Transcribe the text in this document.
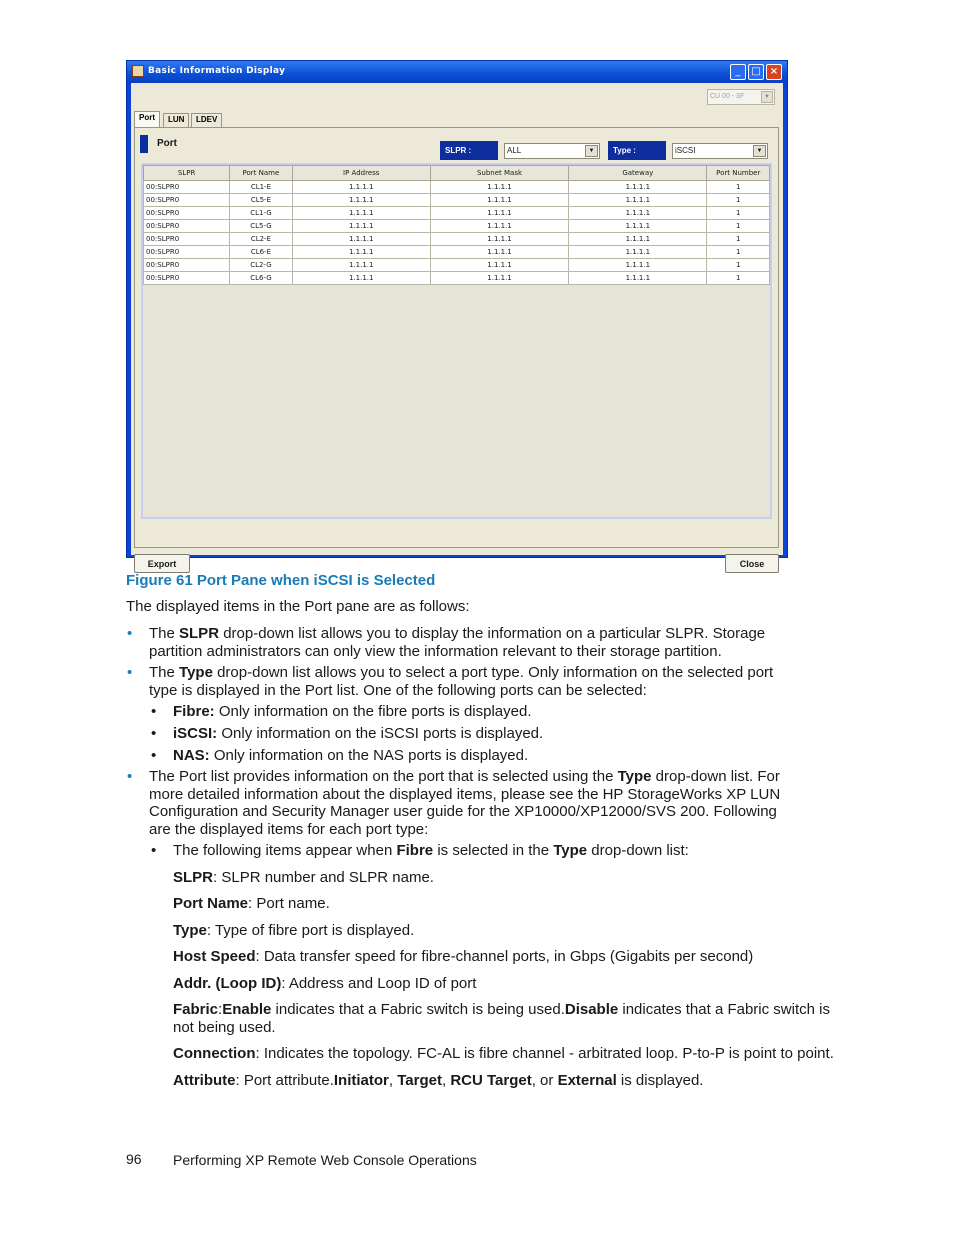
Basic Information Display	_	□ ×
CU 00 - 3F	▼
Port	LUN	LDEV
Port
SLPR :	ALL	▼	Type :	iSCSI	▼
SLPR	Port Name	IP Address	Subnet Mask	Gateway	Port Number
00:SLPR0	CL1-E	1.1.1.1	1.1.1.1	1.1.1.1	1
00:SLPR0	CL5-E	1.1.1.1	1.1.1.1	1.1.1.1	1
00:SLPR0	CL1-G	1.1.1.1	1.1.1.1	1.1.1.1	1
00:SLPR0	CL5-G	1.1.1.1	1.1.1.1	1.1.1.1	1
00:SLPR0	CL2-E	1.1.1.1	1.1.1.1	1.1.1.1	1
00:SLPR0	CL6-E	1.1.1.1	1.1.1.1	1.1.1.1	1
00:SLPR0	CL2-G	1.1.1.1	1.1.1.1	1.1.1.1	1
00:SLPR0	CL6-G	1.1.1.1	1.1.1.1	1.1.1.1	1
Export	Close
Figure 61 Port Pane when iSCSI is Selected
The displayed items in the Port pane are as follows:
• The SLPR drop-down list allows you to display the information on a particular SLPR. Storage
partition administrators can only view the information relevant to their storage partition.
• The Type drop-down list allows you to select a port type. Only information on the selected port
type is displayed in the Port list. One of the following ports can be selected:
• Fibre: Only information on the fibre ports is displayed.
• iSCSI: Only information on the iSCSI ports is displayed.
• NAS: Only information on the NAS ports is displayed.
• The Port list provides information on the port that is selected using the Type drop-down list. For
more detailed information about the displayed items, please see the HP StorageWorks XP LUN
Configuration and Security Manager user guide for the XP10000/XP12000/SVS 200. Following
are the displayed items for each port type:
• The following items appear when Fibre is selected in the Type drop-down list:
SLPR: SLPR number and SLPR name.
Port Name: Port name.
Type: Type of fibre port is displayed.
Host Speed: Data transfer speed for fibre-channel ports, in Gbps (Gigabits per second)
Addr. (Loop ID): Address and Loop ID of port
Fabric:Enable indicates that a Fabric switch is being used.Disable indicates that a Fabric switch is
not being used.
Connection: Indicates the topology. FC-AL is fibre channel - arbitrated loop. P-to-P is point to point.
Attribute: Port attribute.Initiator, Target, RCU Target, or External is displayed.
96 Performing XP Remote Web Console Operations
